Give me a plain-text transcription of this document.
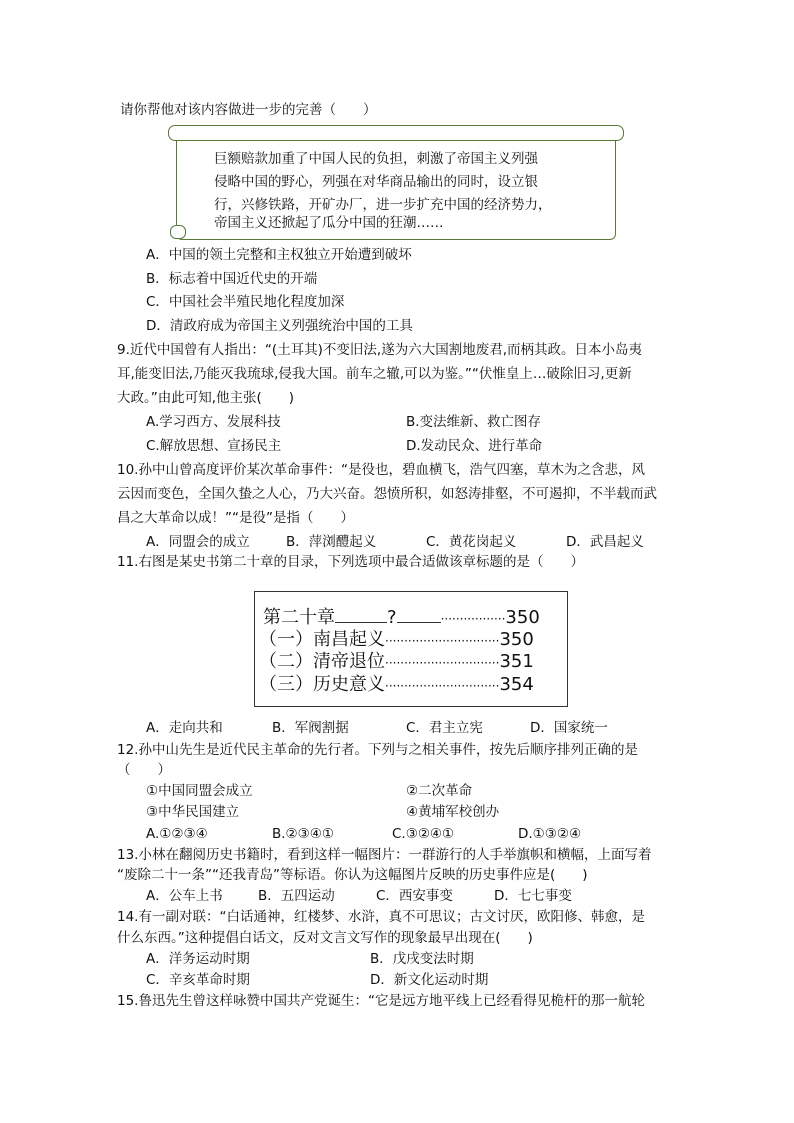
请你帮他对该内容做进一步的完善（　　）
巨额赔款加重了中国人民的负担，刺激了帝国主义列强
侵略中国的野心，列强在对华商品输出的同时，设立银
行，兴修铁路，开矿办厂，进一步扩充中国的经济势力，
帝国主义还掀起了瓜分中国的狂潮……
A．中国的领土完整和主权独立开始遭到破坏
B．标志着中国近代史的开端
C．中国社会半殖民地化程度加深
D．清政府成为帝国主义列强统治中国的工具
9.近代中国曾有人指出：“(土耳其)不变旧法,遂为六大国割地废君,而柄其政。日本小岛夷
耳,能变旧法,乃能灭我琉球,侵我大国。前车之辙,可以为鉴。”“伏惟皇上…破除旧习,更新
大政。”由此可知,他主张(　　)
A.学习西方、发展科技	B.变法维新、救亡图存
C.解放思想、宣扬民主	D.发动民众、进行革命
10.孙中山曾高度评价某次革命事件：“是役也，碧血横飞，浩气四塞，草木为之含悲，风
云因而变色，全国久蛰之人心，乃大兴奋。怨愤所积，如怒涛排壑，不可遏抑，不半载而武
昌之大革命以成！”“是役”是指（　　）
A．同盟会的成立	B．萍浏醴起义	C．黄花岗起义	D．武昌起义
11.右图是某史书第二十章的目录，下列选项中最合适做该章标题的是（　　）
第二十章	?	·················350
（一）南昌起义······························350
（二）清帝退位······························351
（三）历史意义······························354
A．走向共和	B．军阀割据	C．君主立宪	D．国家统一
12.孙中山先生是近代民主革命的先行者。下列与之相关事件，按先后顺序排列正确的是
（　　）
①中国同盟会成立	②二次革命
③中华民国建立	④黄埔军校创办
A.①②③④	B.②③④①	C.③②④①	D.①③②④
13.小林在翻阅历史书籍时，看到这样一幅图片：一群游行的人手举旗帜和横幅，上面写着
“废除二十一条”“还我青岛”等标语。你认为这幅图片反映的历史事件应是(　　)
A．公车上书	B．五四运动	C．西安事变	D．七七事变
14.有一副对联：“白话通神，红楼梦、水浒，真不可思议；古文讨厌，欧阳修、韩愈，是
什么东西。”这种提倡白话文，反对文言文写作的现象最早出现在(　　)
A．洋务运动时期	B．戊戌变法时期
C．辛亥革命时期	D．新文化运动时期
15.鲁迅先生曾这样咏赞中国共产党诞生：“它是远方地平线上已经看得见桅杆的那一航轮
